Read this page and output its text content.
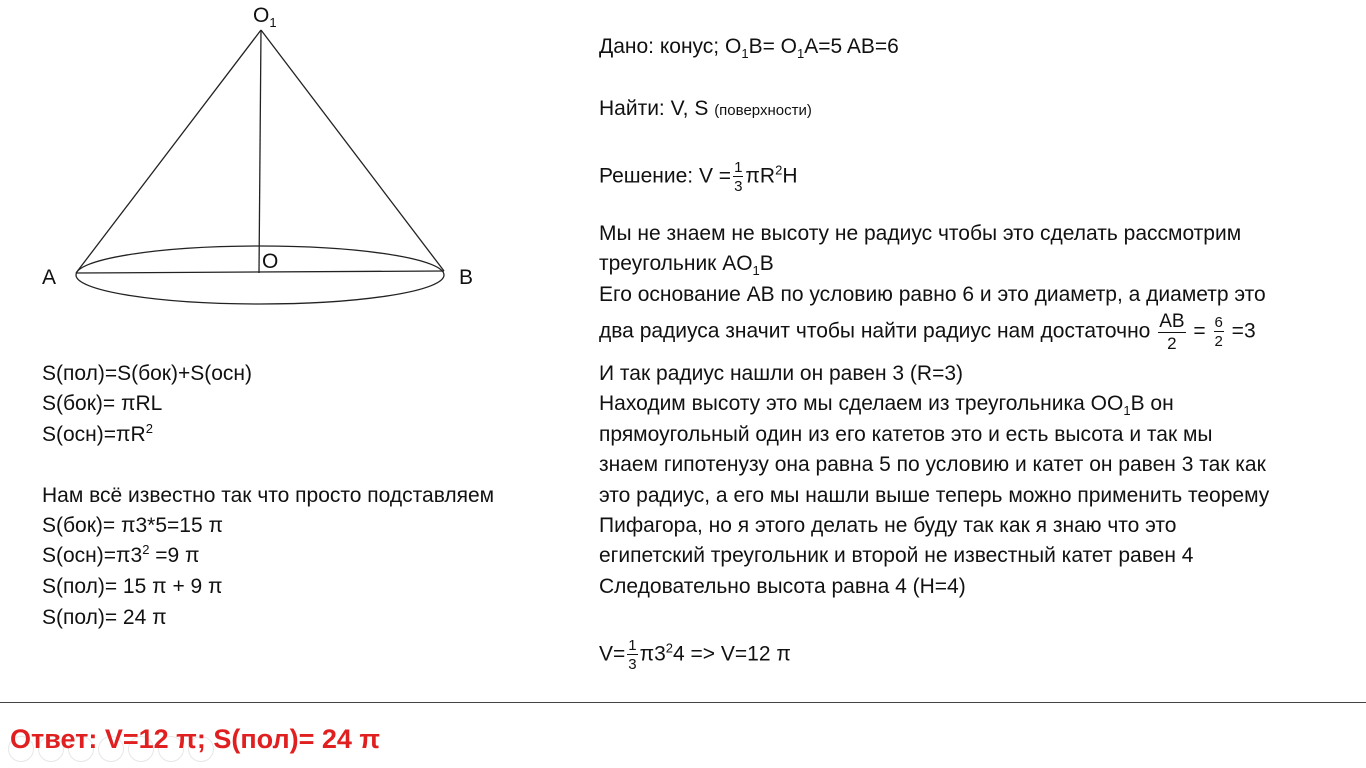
$O_1$
O
A	B
Дано: конус; $O_1B= O_1A=5$ AB=6
Найти: V, S (поверхности)
Решение: $V = \frac{1}{3} \pi R^2H$
Мы не знаем не высоту не радиус чтобы это сделать рассмотрим
треугольник $AO_1B$
Его основание AB по условию равно 6 и это диаметр, а диаметр это
два радиуса значит чтобы найти радиус нам достаточно $\frac{AB}{2} = \frac{6}{2} =3$
И так радиус нашли он равен 3 (R=3)
Находим высоту это мы сделаем из треугольника $OO_1B$ он
прямоугольный один из его катетов это и есть высота и так мы
знаем гипотенузу она равна 5 по условию и катет он равен 3 так как
это радиус, а его мы нашли выше теперь можно применить теорему
Пифагора, но я этого делать не буду так как я знаю что это
египетский треугольник и второй не известный катет равен 4
Следовательно высота равна 4 (H=4)
$V= \frac{1}{3} \pi 3^24 => V=12$ π
S(пол)=S(бок)+S(осн)
S(бок)= πRL
$S(осн)=\pi R^2$
Нам всё известно так что просто подставляем
S(бок)= π3*5=15 π
$S(осн)=\pi 3^2 =9$ π
S(пол)= 15 π + 9 π
S(пол)= 24 π
Ответ: V=12 π; S(пол)= 24 π
